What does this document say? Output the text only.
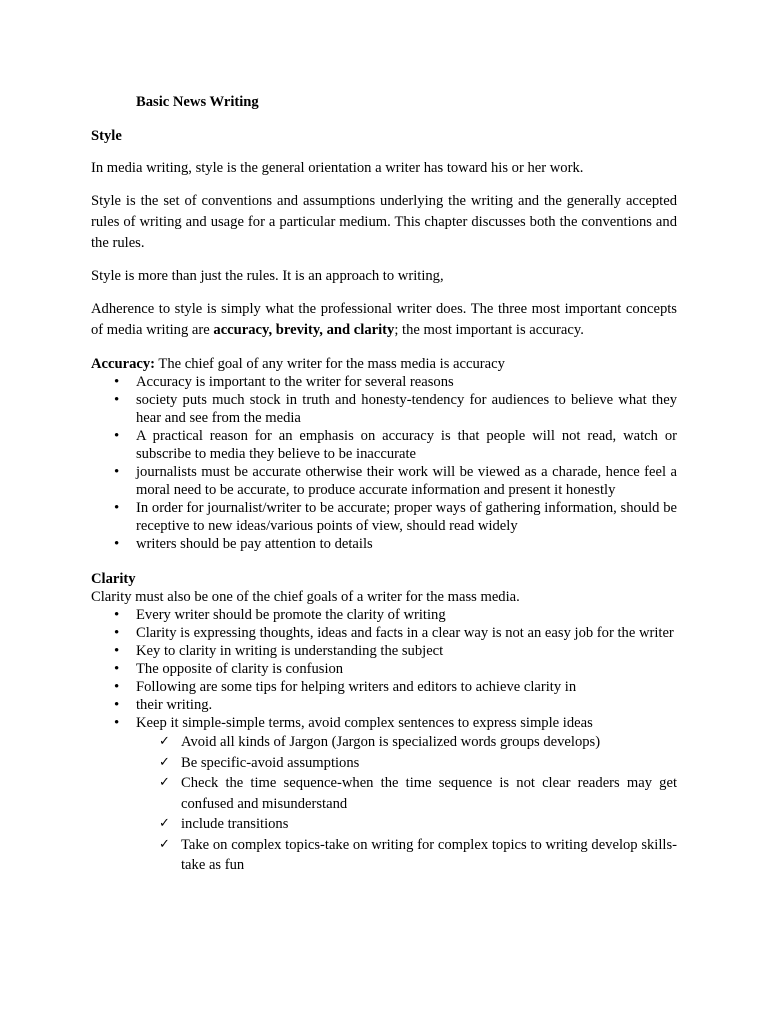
Basic News Writing

Style

In media writing, style is the general orientation a writer has toward his or her work.

Style is the set of conventions and assumptions underlying the writing and the generally accepted rules of writing and usage for a particular medium. This chapter discusses both the conventions and the rules.

Style is more than just the rules. It is an approach to writing,

Adherence to style is simply what the professional writer does. The three most important concepts of media writing are accuracy, brevity, and clarity; the most important is accuracy.

Accuracy: The chief goal of any writer for the mass media is accuracy

• Accuracy is important to the writer for several reasons
• society puts much stock in truth and honesty-tendency for audiences to believe what they hear and see from the media
• A practical reason for an emphasis on accuracy is that people will not read, watch or subscribe to media they believe to be inaccurate
• journalists must be accurate otherwise their work will be viewed as a charade, hence feel a moral need to be accurate, to produce accurate information and present it honestly
• In order for journalist/writer to be accurate; proper ways of gathering information, should be receptive to new ideas/various points of view, should read widely
• writers should be pay attention to details

Clarity

Clarity must also be one of the chief goals of a writer for the mass media.

• Every writer should be promote the clarity of writing
• Clarity is expressing thoughts, ideas and facts in a clear way is not an easy job for the writer
• Key to clarity in writing is understanding the subject
• The opposite of clarity is confusion
• Following are some tips for helping writers and editors to achieve clarity in
• their writing.
• Keep it simple-simple terms, avoid complex sentences to express simple ideas
✓ Avoid all kinds of Jargon (Jargon is specialized words groups develops)
✓ Be specific-avoid assumptions
✓ Check the time sequence-when the time sequence is not clear readers may get confused and misunderstand
✓ include transitions
✓ Take on complex topics-take on writing for complex topics to writing develop skills-take as fun
